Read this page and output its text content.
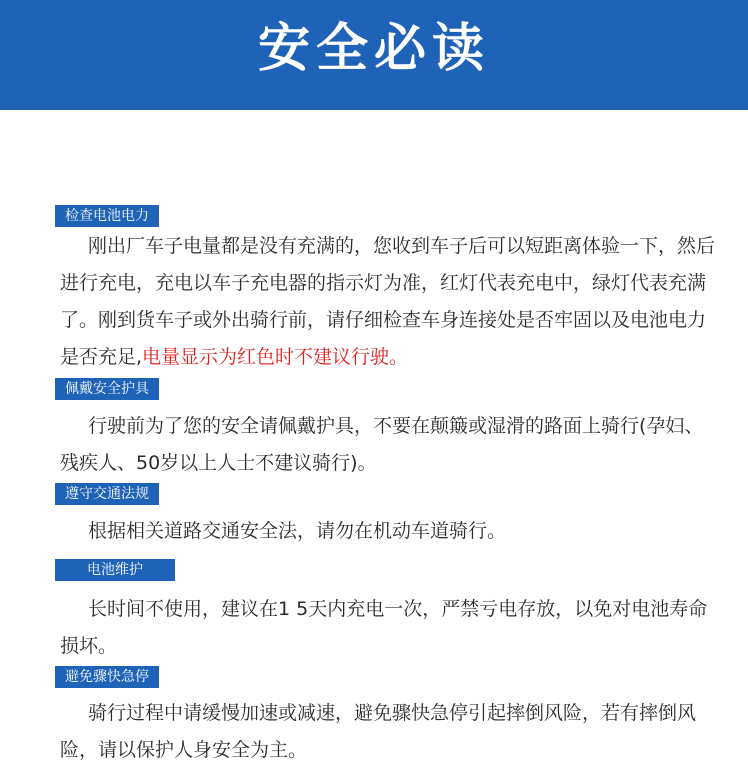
安全必读
检查电池电力

刚出厂车子电量都是没有充满的，您收到车子后可以短距离体验一下，然后进行充电，充电以车子充电器的指示灯为准，红灯代表充电中，绿灯代表充满了。刚到货车子或外出骑行前，请仔细检查车身连接处是否牢固以及电池电力是否充足,电量显示为红色时不建议行驶。

佩戴安全护具

行驶前为了您的安全请佩戴护具，不要在颠簸或湿滑的路面上骑行(孕妇、残疾人、50岁以上人士不建议骑行)。

遵守交通法规

根据相关道路交通安全法，请勿在机动车道骑行。

电池维护

长时间不使用，建议在1 5天内充电一次，严禁亏电存放，以免对电池寿命损坏。

避免骤快急停

骑行过程中请缓慢加速或减速，避免骤快急停引起摔倒风险，若有摔倒风险，请以保护人身安全为主。
